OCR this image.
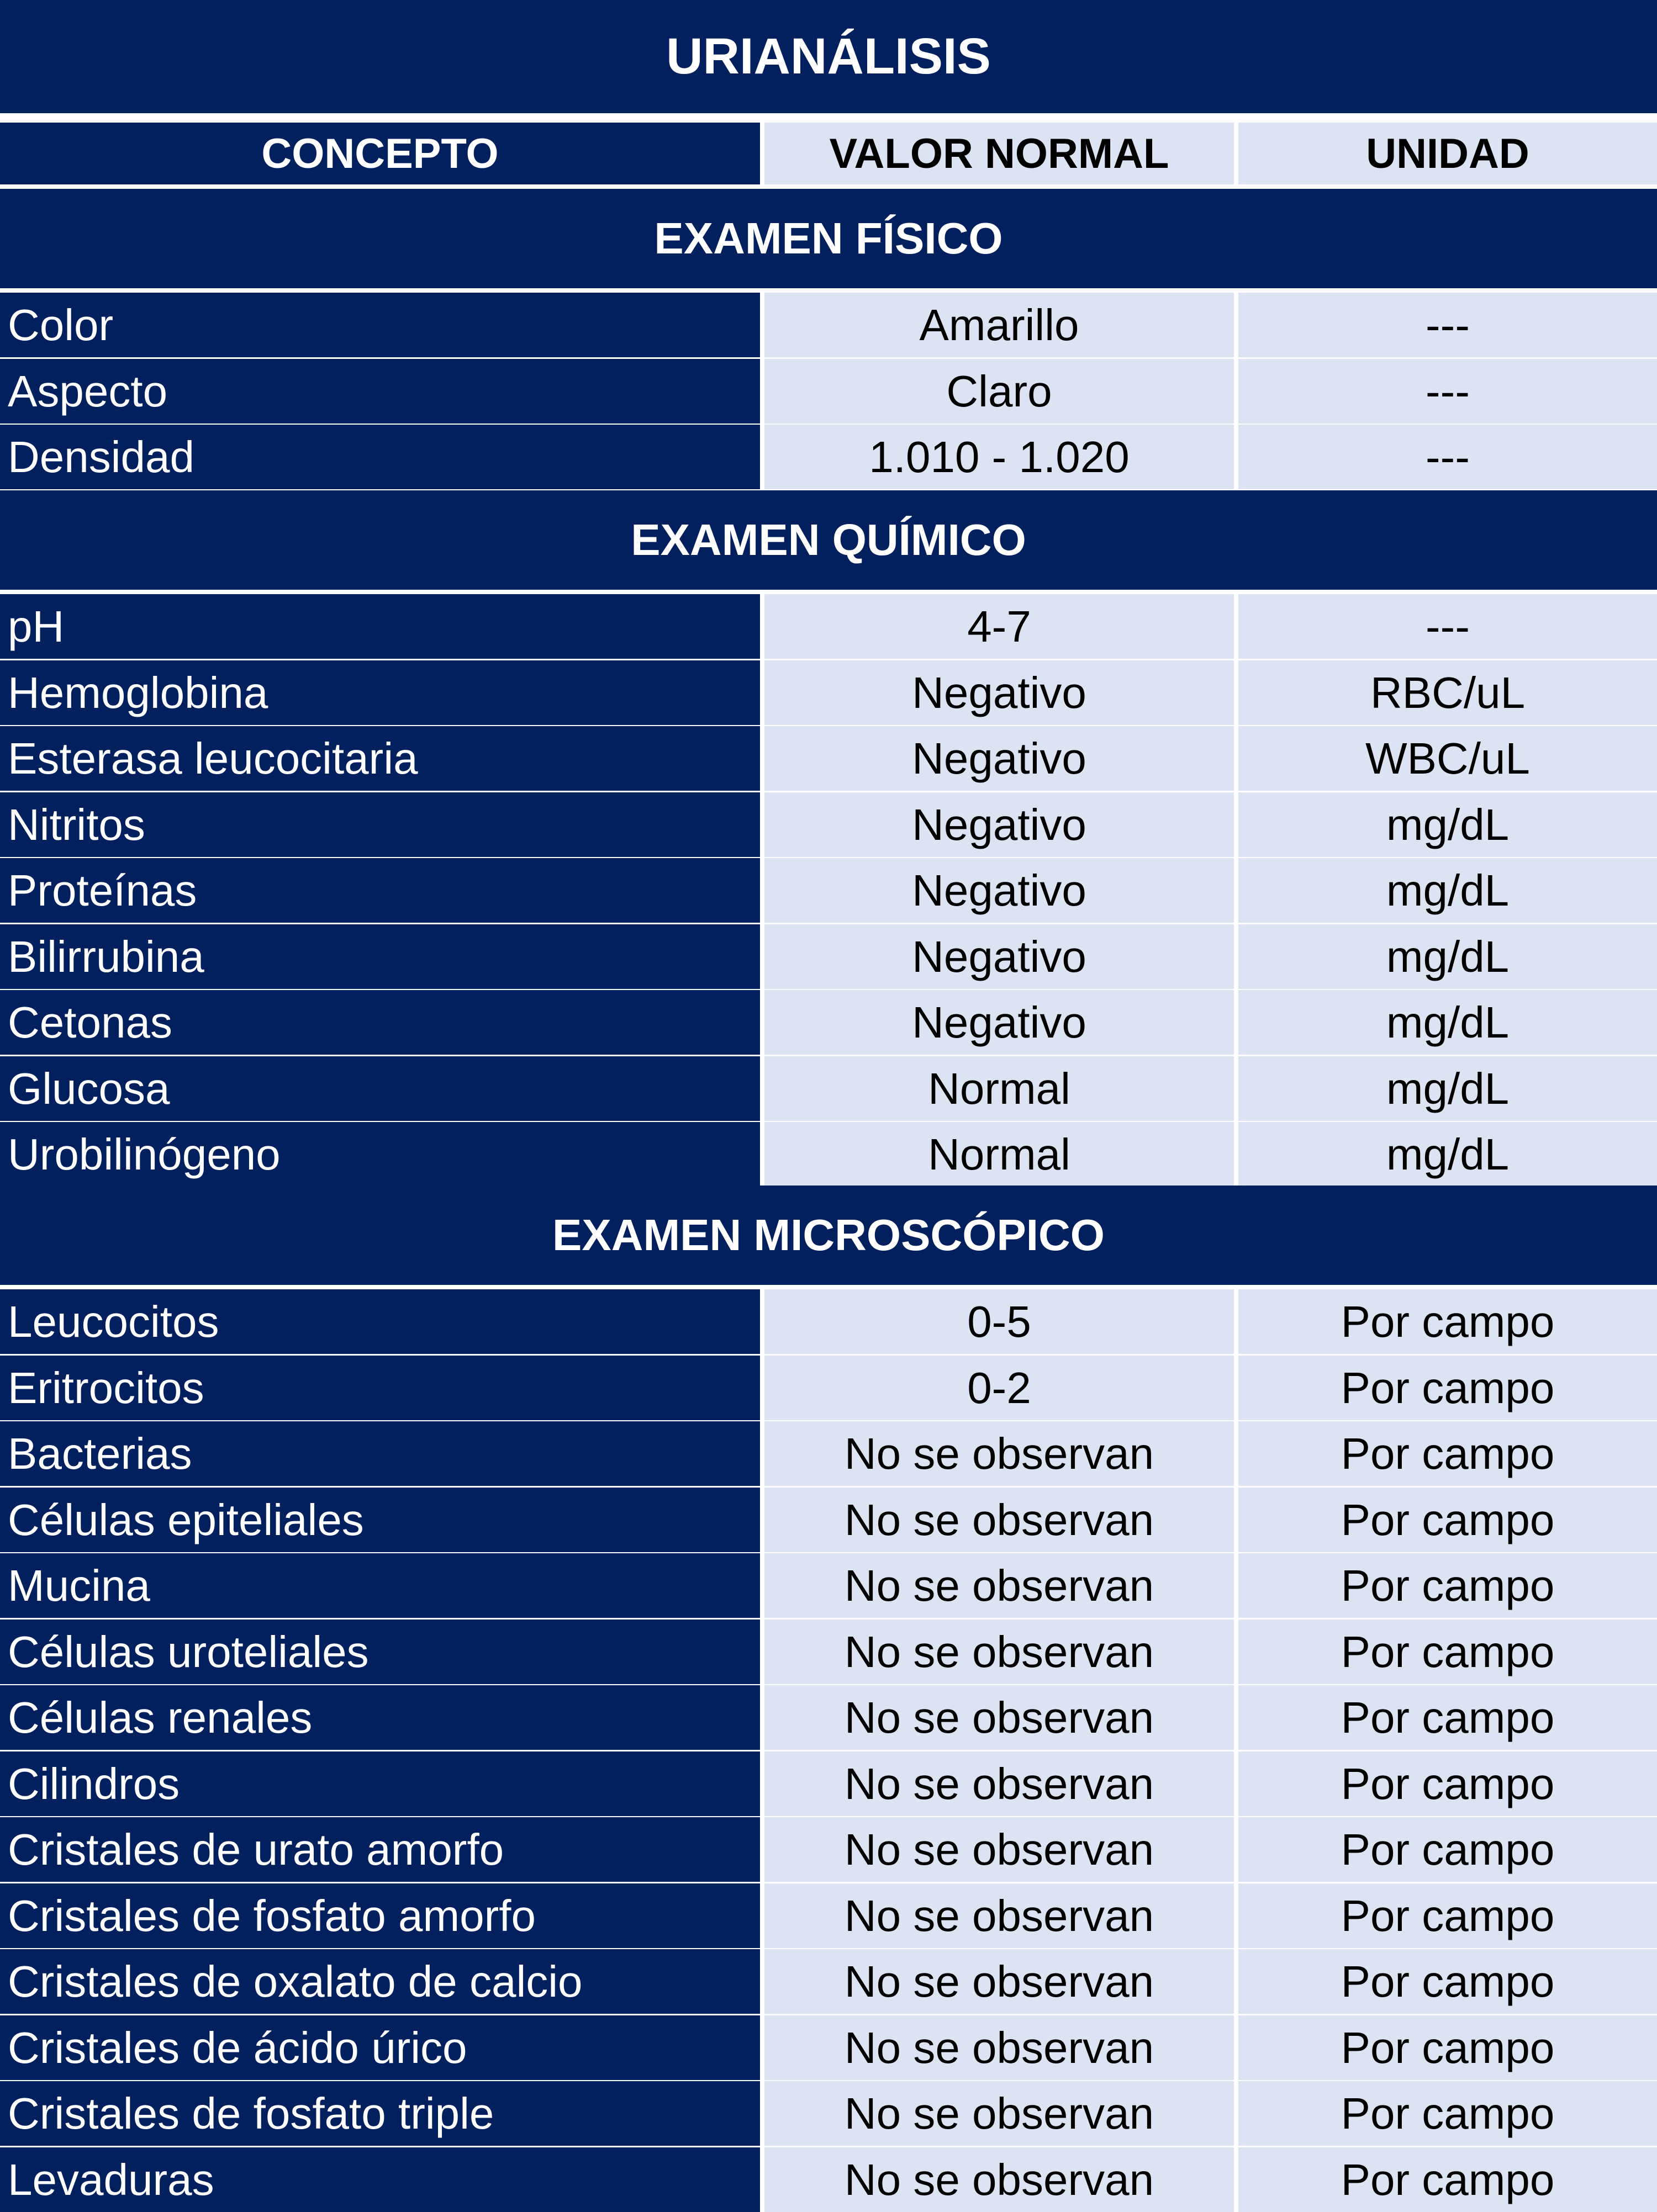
URIANÁLISIS
CONCEPTO	VALOR NORMAL	UNIDAD
EXAMEN FÍSICO
Color	Amarillo	---
Aspecto	Claro	---
Densidad	1.010 - 1.020	---
EXAMEN QUÍMICO
pH	4-7	---
Hemoglobina	Negativo	RBC/uL
Esterasa leucocitaria	Negativo	WBC/uL
Nitritos	Negativo	mg/dL
Proteínas	Negativo	mg/dL
Bilirrubina	Negativo	mg/dL
Cetonas	Negativo	mg/dL
Glucosa	Normal	mg/dL
Urobilinógeno	Normal	mg/dL
EXAMEN MICROSCÓPICO
Leucocitos	0-5	Por campo
Eritrocitos	0-2	Por campo
Bacterias	No se observan	Por campo
Células epiteliales	No se observan	Por campo
Mucina	No se observan	Por campo
Células uroteliales	No se observan	Por campo
Células renales	No se observan	Por campo
Cilindros	No se observan	Por campo
Cristales de urato amorfo	No se observan	Por campo
Cristales de fosfato amorfo	No se observan	Por campo
Cristales de oxalato de calcio	No se observan	Por campo
Cristales de ácido úrico	No se observan	Por campo
Cristales de fosfato triple	No se observan	Por campo
Levaduras	No se observan	Por campo
